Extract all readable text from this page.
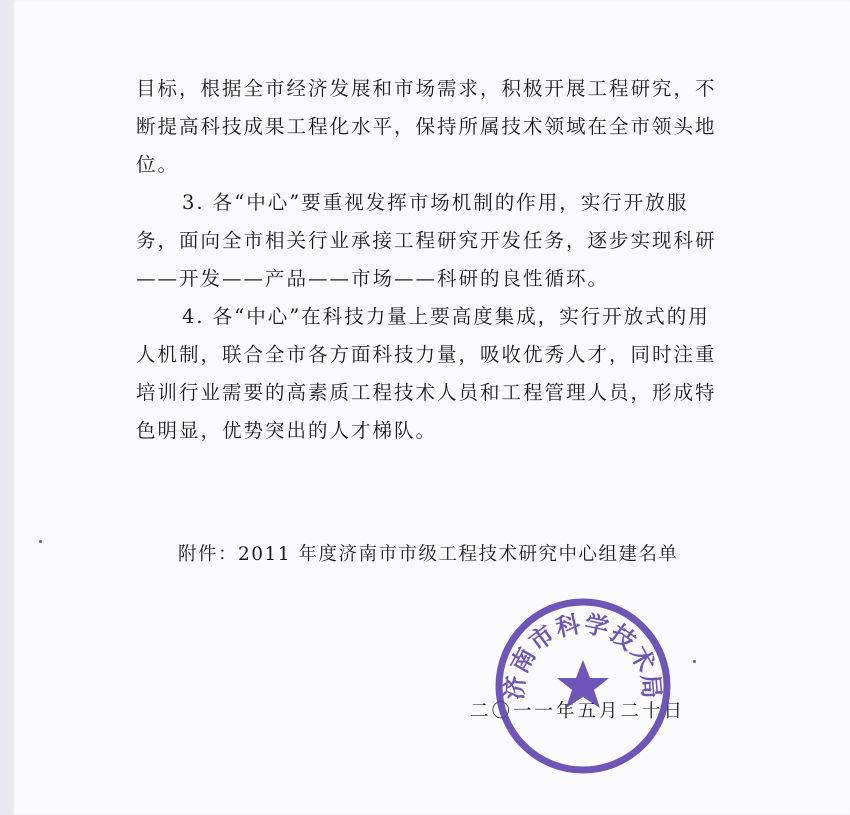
目标，根据全市经济发展和市场需求，积极开展工程研究，不
断提高科技成果工程化水平，保持所属技术领域在全市领头地
位。
3. 各“中心”要重视发挥市场机制的作用，实行开放服
务，面向全市相关行业承接工程研究开发任务，逐步实现科研
——开发——产品——市场——科研的良性循环。
4. 各“中心”在科技力量上要高度集成，实行开放式的用
人机制，联合全市各方面科技力量，吸收优秀人才，同时注重
培训行业需要的高素质工程技术人员和工程管理人员，形成特
色明显，优势突出的人才梯队。
附件：2011 年度济南市市级工程技术研究中心组建名单
二〇一一年五月二十日
济南市科学技术局
